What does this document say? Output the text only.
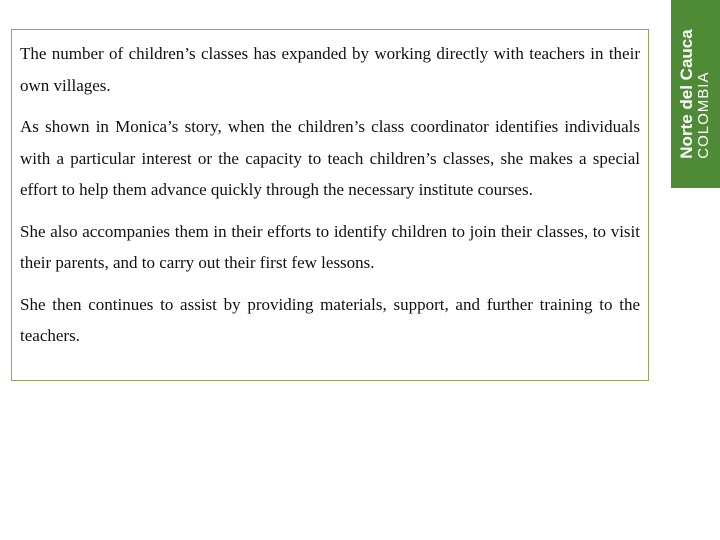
The number of children’s classes has expanded by working directly with teachers in their own villages.

As shown in Monica’s story, when the children’s class coordinator identifies individuals with a particular interest or the capacity to teach children’s classes, she makes a special effort to help them advance quickly through the necessary institute courses.

She also accompanies them in their efforts to identify children to join their classes, to visit their parents, and to carry out their first few lessons.

She then continues to assist by providing materials, support, and further training to the teachers.

Norte del Cauca COLOMBIA
